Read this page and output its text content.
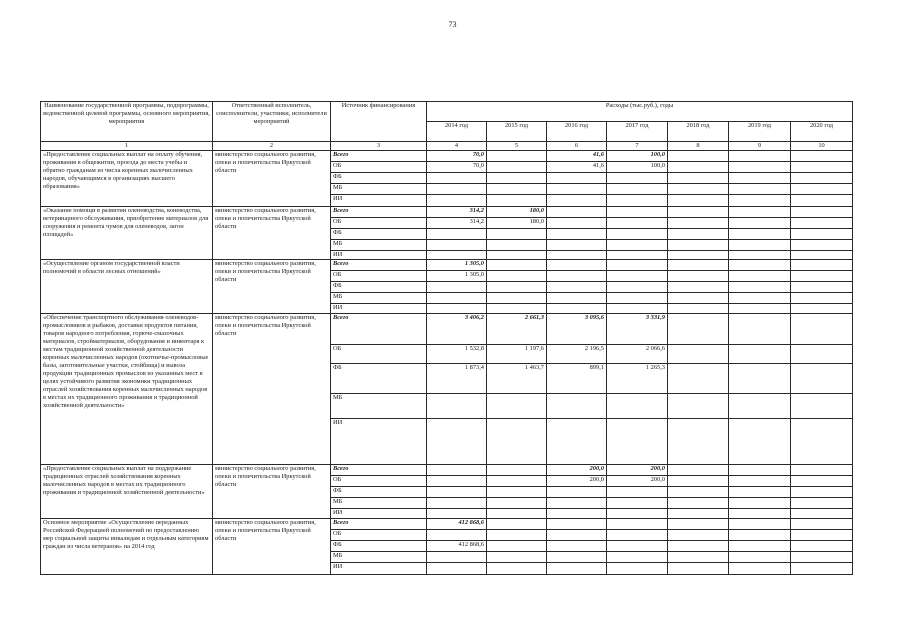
73
Наименование государственной программы, подпрограммы, ведомственной целевой программы, основного мероприятия, мероприятия	Ответственный исполнитель, соисполнители, участники, исполнители мероприятий	Источник финансирования	Расходы (тыс.руб.), годы						
			2014 год	2015 год	2016 год	2017 год	2018 год	2019 год	2020 год
1	2	3	4	5	6	7	8	9	10
«Предоставление социальных выплат на оплату обучения, проживания в общежитии, проезда до места учебы и обратно гражданам из числа коренных малочисленных народов, обучающимся в организациях высшего образования»	министерство социального развития, опеки и попечительства Иркутской области	Всего	70,0		41,6	100,0			
		ОБ	70,0		41,6	100,0			
		ФБ							
		МБ							
		ИИ							
«Оказание помощи в развитии оленеводства, коневодства, ветеринарного обслуживания, приобретение материалов для сооружения и ремонта чумов для оленеводов, загон площадей»	министерство социального развития, опеки и попечительства Иркутской области	Всего	314,2	180,0					
		ОБ	314,2	180,0					
		ФБ							
		МБ							
		ИИ							
«Осуществление органом государственной власти полномочий в области лесных отношений»	министерство социального развития, опеки и попечительства Иркутской области	Всего	1 305,0						
		ОБ	1 305,0						
		ФБ							
		МБ							
		ИИ							
«Обеспечение транспортного обслуживания оленеводов-промысловиков и рыбаков, доставки продуктов питания, товаров народного потребления, горюче-смазочных материалов, стройматериалов, оборудования и инвентаря к местам традиционной хозяйственной деятельности коренных малочисленных народов (охотничье-промысловые базы, заготовительные участки, стойбища) и вывоза продукции традиционных промыслов из указанных мест в целях устойчивого развития экономики традиционных отраслей хозяйствования коренных малочисленных народов в местах их традиционного проживания и традиционной хозяйственной деятельности»	министерство социального развития, опеки и попечительства Иркутской области	Всего	3 406,2	2 661,3	3 095,6	3 331,9			
		ОБ	1 532,8	1 197,6	2 196,5	2 066,6			
		ФБ	1 873,4	1 463,7	899,1	1 265,3			
		МБ							
		ИИ							
«Предоставление социальных выплат на поддержание традиционных отраслей хозяйствования коренных малочисленных народов в местах их традиционного проживания и традиционной хозяйственной деятельности»	министерство социального развития, опеки и попечительства Иркутской области	Всего			200,0	200,0			
		ОБ			200,0	200,0			
		ФБ							
		МБ							
		ИИ							
Основное мероприятие «Осуществление переданных Российской Федерацией полномочий по предоставлению мер социальной защиты инвалидам и отдельным категориям граждан из числа ветеранов» на 2014 год	министерство социального развития, опеки и попечительства Иркутской области	Всего	412 868,6						
		ОБ							
		ФБ	412 868,6						
		МБ							
		ИИ							
